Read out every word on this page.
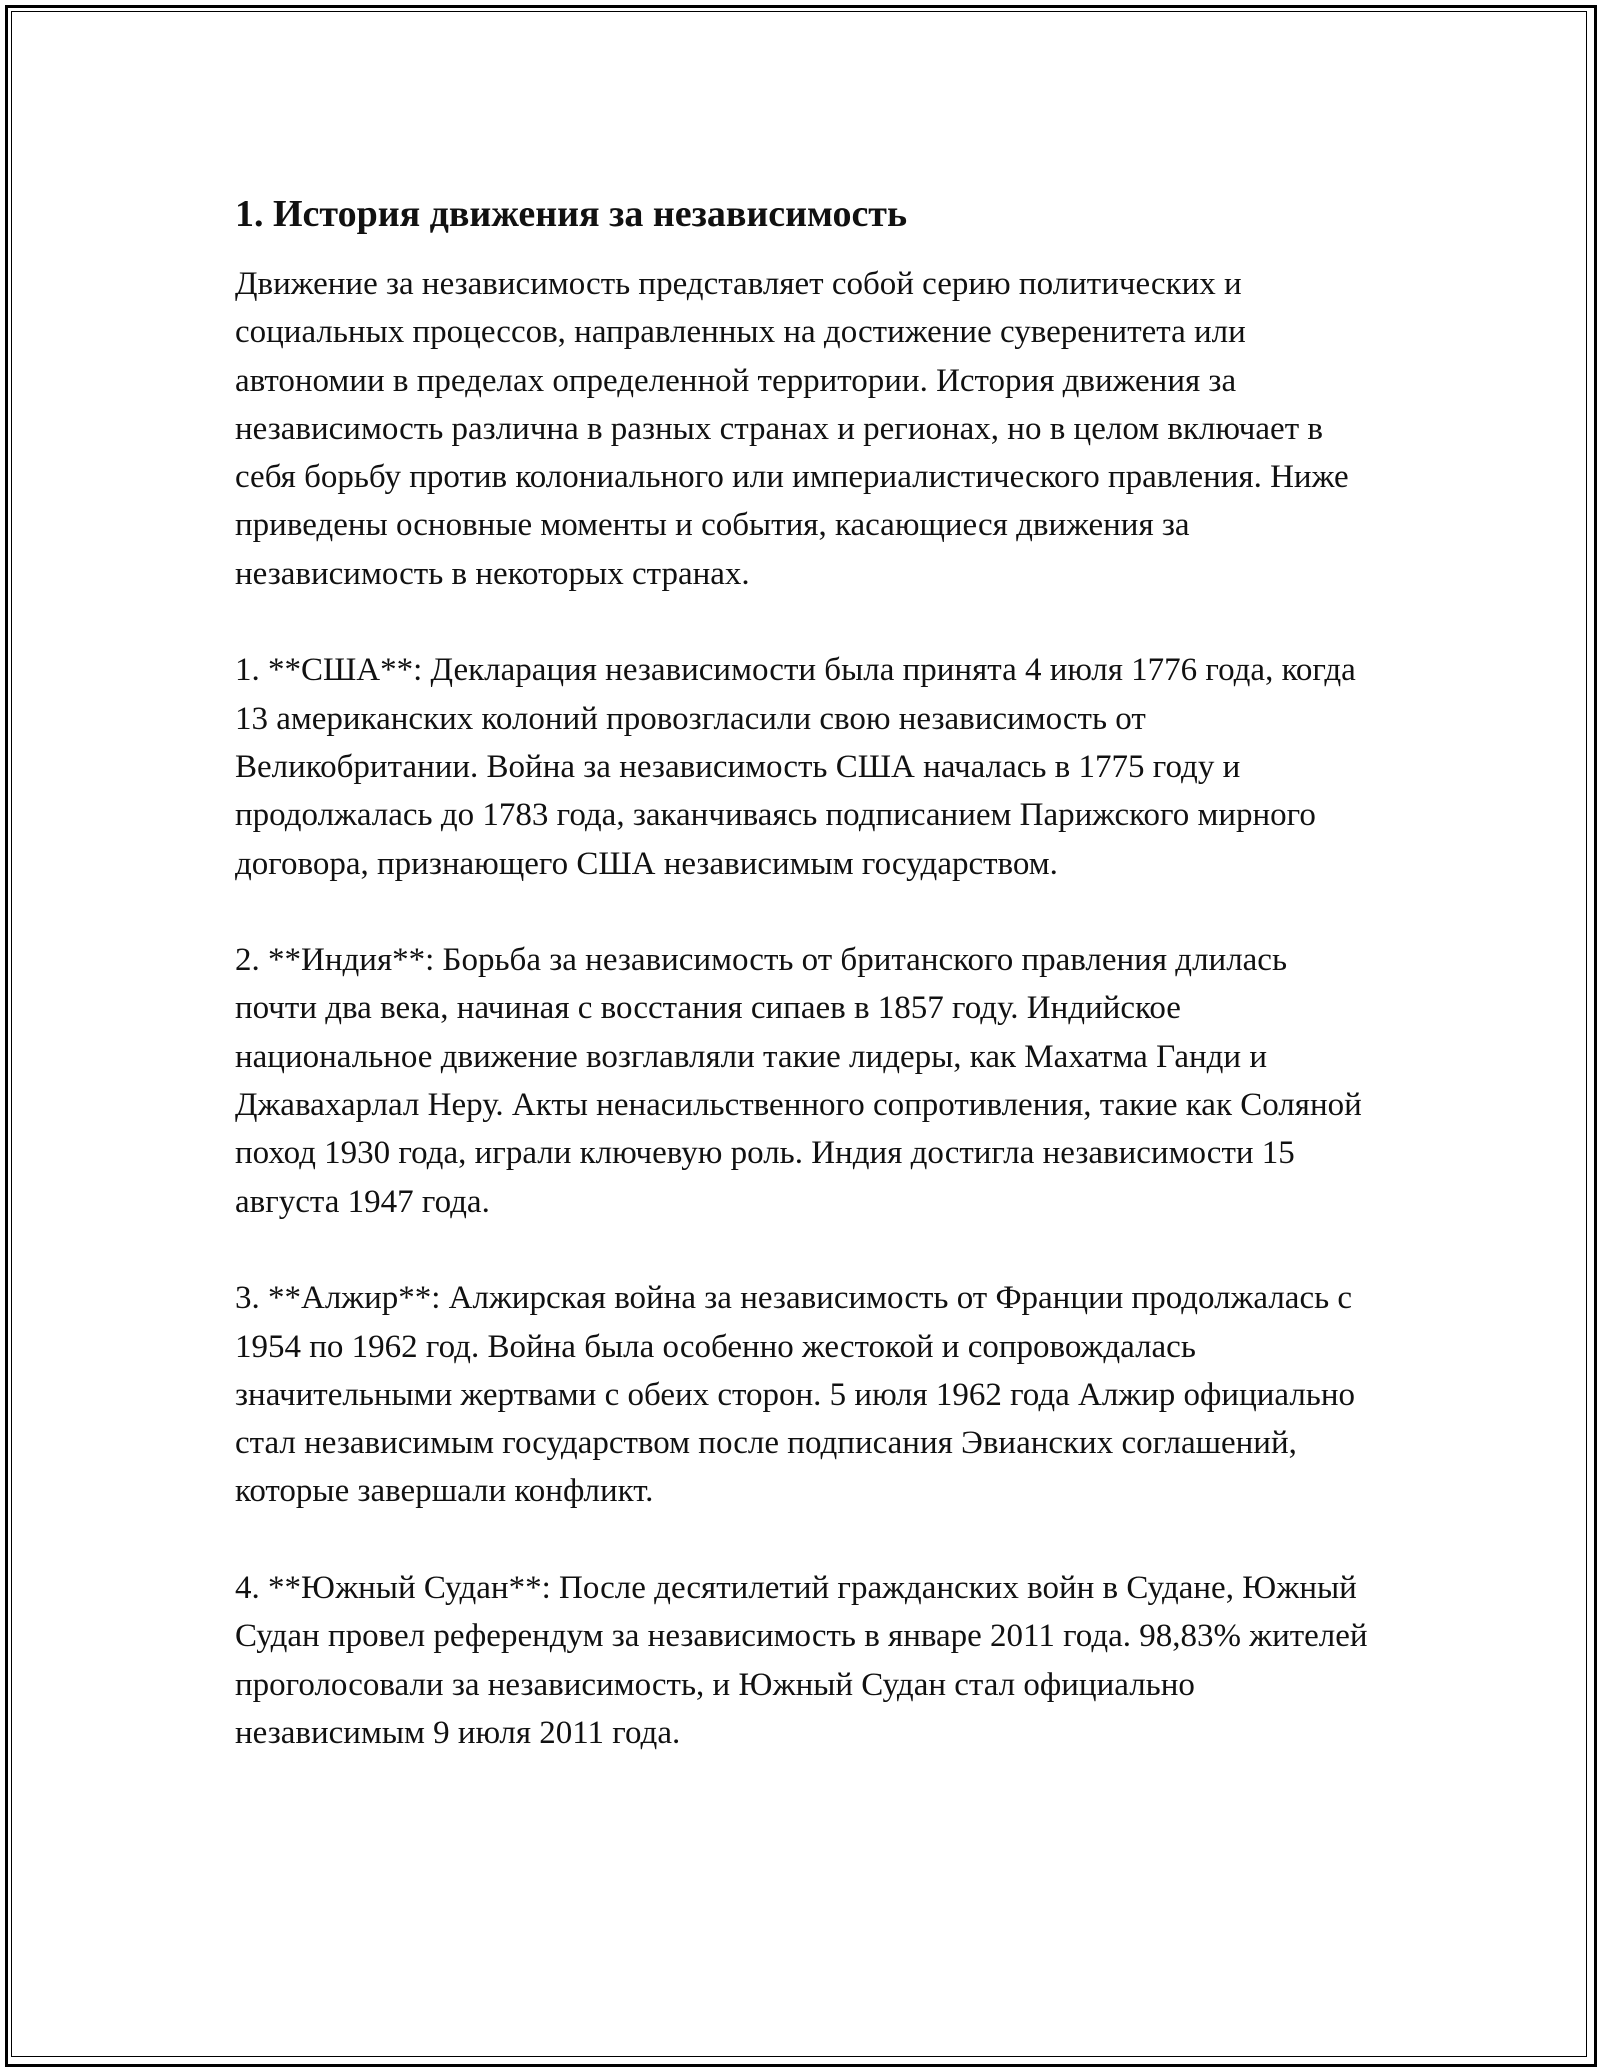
1. История движения за независимость

Движение за независимость представляет собой серию политических и социальных процессов, направленных на достижение суверенитета или автономии в пределах определенной территории. История движения за независимость различна в разных странах и регионах, но в целом включает в себя борьбу против колониального или империалистического правления. Ниже приведены основные моменты и события, касающиеся движения за независимость в некоторых странах.

1. **США**: Декларация независимости была принята 4 июля 1776 года, когда 13 американских колоний провозгласили свою независимость от Великобритании. Война за независимость США началась в 1775 году и продолжалась до 1783 года, заканчиваясь подписанием Парижского мирного договора, признающего США независимым государством.

2. **Индия**: Борьба за независимость от британского правления длилась почти два века, начиная с восстания сипаев в 1857 году. Индийское национальное движение возглавляли такие лидеры, как Махатма Ганди и Джавахарлал Неру. Акты ненасильственного сопротивления, такие как Соляной поход 1930 года, играли ключевую роль. Индия достигла независимости 15 августа 1947 года.

3. **Алжир**: Алжирская война за независимость от Франции продолжалась с 1954 по 1962 год. Война была особенно жестокой и сопровождалась значительными жертвами с обеих сторон. 5 июля 1962 года Алжир официально стал независимым государством после подписания Эвианских соглашений, которые завершали конфликт.

4. **Южный Судан**: После десятилетий гражданских войн в Судане, Южный Судан провел референдум за независимость в январе 2011 года. 98,83% жителей проголосовали за независимость, и Южный Судан стал официально независимым 9 июля 2011 года.
